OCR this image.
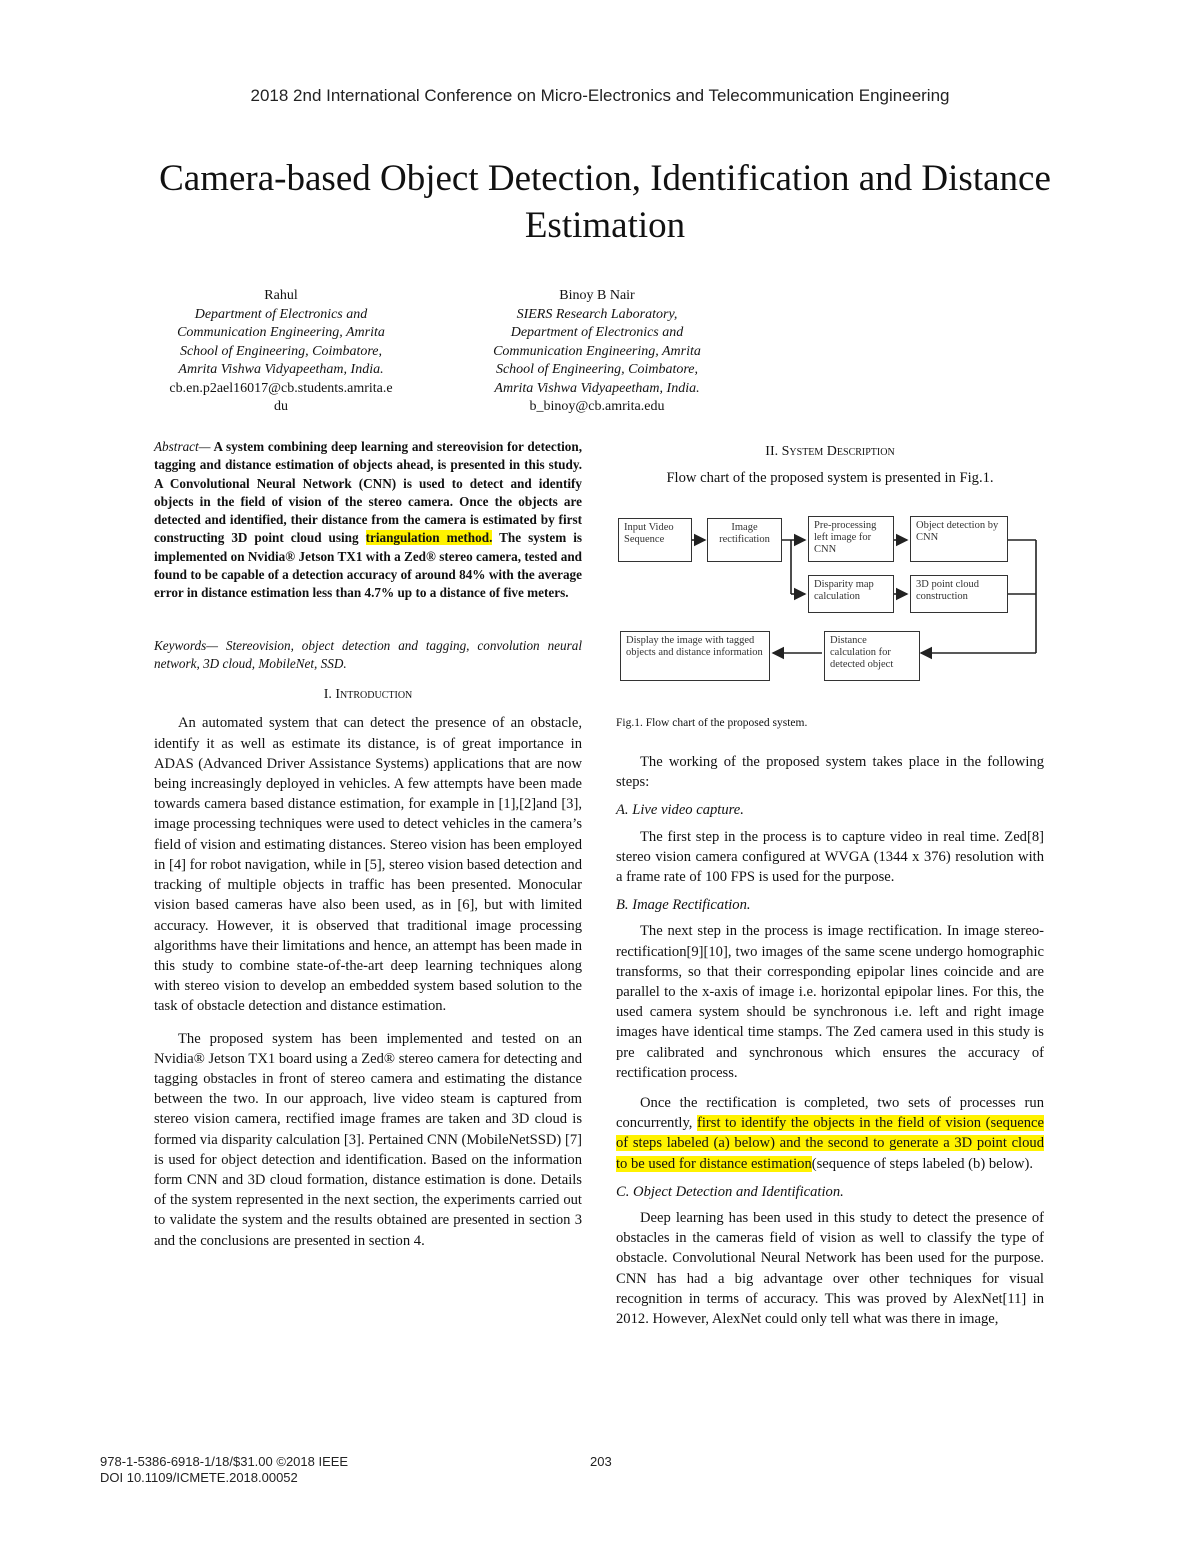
2018 2nd International Conference on Micro-Electronics and Telecommunication Engineering
Camera-based Object Detection, Identification and Distance Estimation
Rahul
Department of Electronics and
Communication Engineering, Amrita
School of Engineering, Coimbatore,
Amrita Vishwa Vidyapeetham, India.
cb.en.p2ael16017@cb.students.amrita.e
du
Binoy B Nair
SIERS Research Laboratory,
Department of Electronics and
Communication Engineering, Amrita
School of Engineering, Coimbatore,
Amrita Vishwa Vidyapeetham, India.
b_binoy@cb.amrita.edu

Abstract— A system combining deep learning and stereovision for detection, tagging and distance estimation of objects ahead, is presented in this study. A Convolutional Neural Network (CNN) is used to detect and identify objects in the field of vision of the stereo camera. Once the objects are detected and identified, their distance from the camera is estimated by first constructing 3D point cloud using triangulation method. The system is implemented on Nvidia® Jetson TX1 with a Zed® stereo camera, tested and found to be capable of a detection accuracy of around 84% with the average error in distance estimation less than 4.7% up to a distance of five meters.

Keywords— Stereovision, object detection and tagging, convolution neural network, 3D cloud, MobileNet, SSD.

I. Introduction

An automated system that can detect the presence of an obstacle, identify it as well as estimate its distance, is of great importance in ADAS (Advanced Driver Assistance Systems) applications that are now being increasingly deployed in vehicles. A few attempts have been made towards camera based distance estimation, for example in [1],[2]and [3], image processing techniques were used to detect vehicles in the camera’s field of vision and estimating distances. Stereo vision has been employed in [4] for robot navigation, while in [5], stereo vision based detection and tracking of multiple objects in traffic has been presented. Monocular vision based cameras have also been used, as in [6], but with limited accuracy. However, it is observed that traditional image processing algorithms have their limitations and hence, an attempt has been made in this study to combine state-of-the-art deep learning techniques along with stereo vision to develop an embedded system based solution to the task of obstacle detection and distance estimation.

The proposed system has been implemented and tested on an Nvidia® Jetson TX1 board using a Zed® stereo camera for detecting and tagging obstacles in front of stereo camera and estimating the distance between the two. In our approach, live video steam is captured from stereo vision camera, rectified image frames are taken and 3D cloud is formed via disparity calculation [3]. Pertained CNN (MobileNetSSD) [7] is used for object detection and identification. Based on the information form CNN and 3D cloud formation, distance estimation is done. Details of the system represented in the next section, the experiments carried out to validate the system and the results obtained are presented in section 3 and the conclusions are presented in section 4.

II. System Description

Flow chart of the proposed system is presented in Fig.1.

Input Video Sequence
Image rectification
Pre-processing left image for CNN
Object detection by CNN
Disparity map calculation
3D point cloud construction
Distance calculation for detected object
Display the image with tagged objects and distance information
Fig.1. Flow chart of the proposed system.

The working of the proposed system takes place in the following steps:

A. Live video capture.

The first step in the process is to capture video in real time. Zed[8] stereo vision camera configured at WVGA (1344 x 376) resolution with a frame rate of 100 FPS is used for the purpose.

B. Image Rectification.

The next step in the process is image rectification. In image stereo-rectification[9][10], two images of the same scene undergo homographic transforms, so that their corresponding epipolar lines coincide and are parallel to the x-axis of image i.e. horizontal epipolar lines. For this, the used camera system should be synchronous i.e. left and right image images have identical time stamps. The Zed camera used in this study is pre calibrated and synchronous which ensures the accuracy of rectification process.

Once the rectification is completed, two sets of processes run concurrently, first to identify the objects in the field of vision (sequence of steps labeled (a) below) and the second to generate a 3D point cloud to be used for distance estimation(sequence of steps labeled (b) below).

C. Object Detection and Identification.

Deep learning has been used in this study to detect the presence of obstacles in the cameras field of vision as well to classify the type of obstacle. Convolutional Neural Network has been used for the purpose. CNN has had a big advantage over other techniques for visual recognition in terms of accuracy. This was proved by AlexNet[11] in 2012. However, AlexNet could only tell what was there in image,

978-1-5386-6918-1/18/$31.00 ©2018 IEEE
DOI 10.1109/ICMETE.2018.00052
203
